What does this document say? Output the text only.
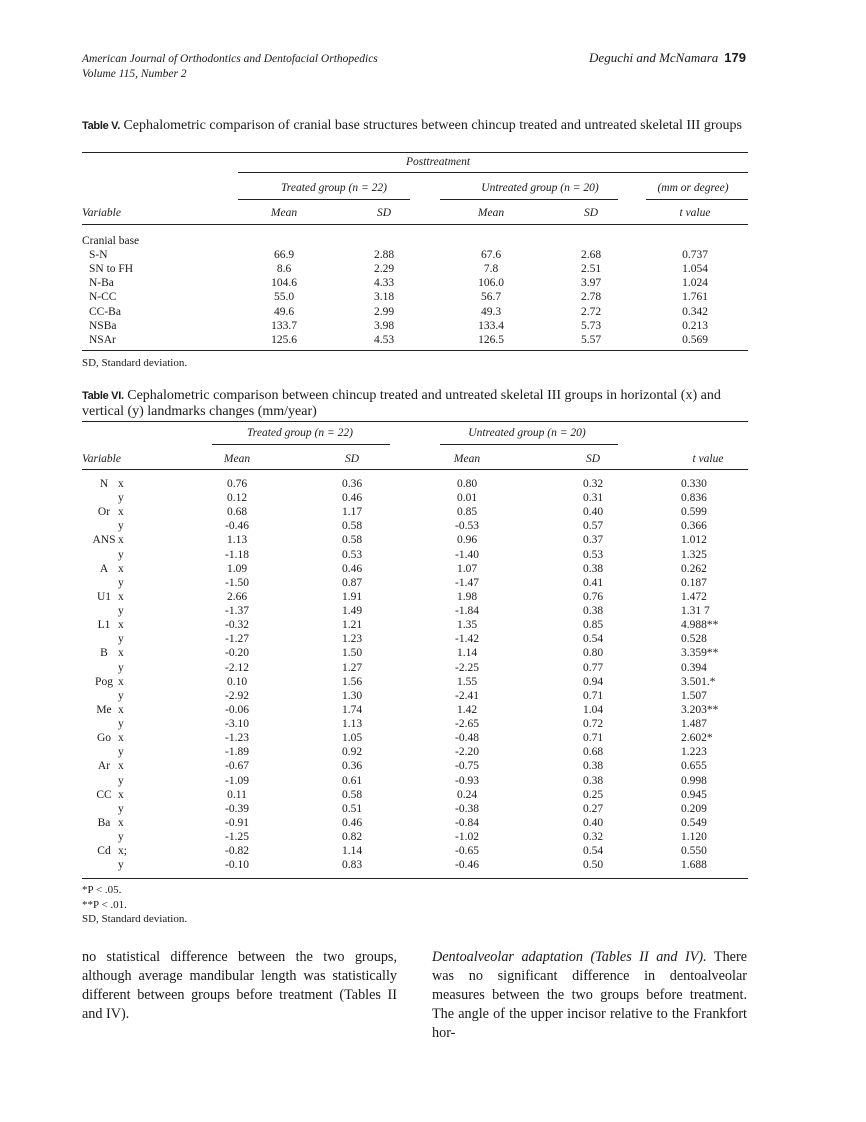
American Journal of Orthodontics and Dentofacial Orthopedics
Volume 115, Number 2
Deguchi and McNamara 179
Table V. Cephalometric comparison of cranial base structures between chincup treated and untreated skeletal III groups
Posttreatment
Treated group (n = 22)	Untreated group (n = 20)	(mm or degree)
Variable	Mean	SD	Mean	SD	t value
Cranial base
S-N	66.9	2.88	67.6	2.68	0.737
SN to FH	8.6	2.29	7.8	2.51	1.054
N-Ba	104.6	4.33	106.0	3.97	1.024
N-CC	55.0	3.18	56.7	2.78	1.761
CC-Ba	49.6	2.99	49.3	2.72	0.342
NSBa	133.7	3.98	133.4	5.73	0.213
NSAr	125.6	4.53	126.5	5.57	0.569
SD, Standard deviation.
Table VI. Cephalometric comparison between chincup treated and untreated skeletal III groups in horizontal (x) and vertical (y) landmarks changes (mm/year)
Treated group (n = 22)	Untreated group (n = 20)
Variable	Mean	SD	Mean	SD	t value
N x	0.76	0.36	0.80	0.32	0.330
y	0.12	0.46	0.01	0.31	0.836
Or x	0.68	1.17	0.85	0.40	0.599
y	-0.46	0.58	-0.53	0.57	0.366
ANS x	1.13	0.58	0.96	0.37	1.012
y	-1.18	0.53	-1.40	0.53	1.325
A x	1.09	0.46	1.07	0.38	0.262
y	-1.50	0.87	-1.47	0.41	0.187
U1 x	2.66	1.91	1.98	0.76	1.472
y	-1.37	1.49	-1.84	0.38	1.31 7
L1 x	-0.32	1.21	1.35	0.85	4.988**
y	-1.27	1.23	-1.42	0.54	0.528
B x	-0.20	1.50	1.14	0.80	3.359**
y	-2.12	1.27	-2.25	0.77	0.394
Pog x	0.10	1.56	1.55	0.94	3.501.*
y	-2.92	1.30	-2.41	0.71	1.507
Me x	-0.06	1.74	1.42	1.04	3.203**
y	-3.10	1.13	-2.65	0.72	1.487
Go x	-1.23	1.05	-0.48	0.71	2.602*
y	-1.89	0.92	-2.20	0.68	1.223
Ar x	-0.67	0.36	-0.75	0.38	0.655
y	-1.09	0.61	-0.93	0.38	0.998
CC x	0.11	0.58	0.24	0.25	0.945
y	-0.39	0.51	-0.38	0.27	0.209
Ba x	-0.91	0.46	-0.84	0.40	0.549
y	-1.25	0.82	-1.02	0.32	1.120
Cd x;	-0.82	1.14	-0.65	0.54	0.550
y	-0.10	0.83	-0.46	0.50	1.688
*P < .05.
**P < .01.
SD, Standard deviation.
no statistical difference between the two groups, although average mandibular length was statistically different between groups before treatment (Tables II and IV).
Dentoalveolar adaptation (Tables II and IV). There was no significant difference in dentoalveolar measures between the two groups before treatment. The angle of the upper incisor relative to the Frankfort hor-
